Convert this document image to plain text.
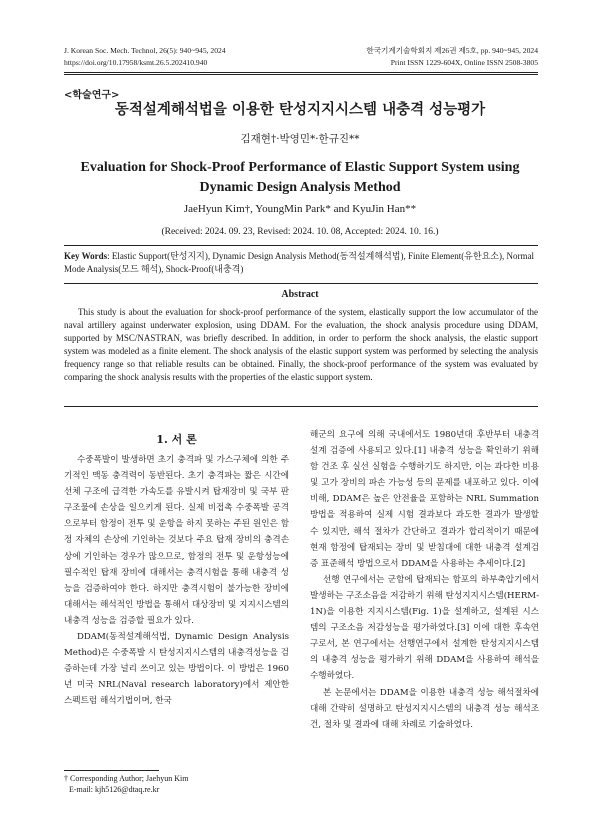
J. Korean Soc. Mech. Technol, 26(5): 940~945, 2024
https://doi.org/10.17958/ksmt.26.5.202410.940
한국기계기술학회지 제26권 제5호, pp. 940~945, 2024
Print ISSN 1229-604X, Online ISSN 2508-3805
<학술연구>
동적설계해석법을 이용한 탄성지지시스템 내충격 성능평가
김재현†·박영민*·한규진**
Evaluation for Shock-Proof Performance of Elastic Support System using
Dynamic Design Analysis Method
JaeHyun Kim†, YoungMin Park* and KyuJin Han**
(Received: 2024. 09. 23, Revised: 2024. 10. 08, Accepted: 2024. 10. 16.)
Key Words: Elastic Support(탄성지지), Dynamic Design Analysis Method(동적설계해석법), Finite Element(유한요소), Normal Mode Analysis(모드 해석), Shock-Proof(내충격)
Abstract
This study is about the evaluation for shock-proof performance of the system, elastically support the low accumulator of the naval artillery against underwater explosion, using DDAM. For the evaluation, the shock analysis procedure using DDAM, supported by MSC/NASTRAN, was briefly described. In addition, in order to perform the shock analysis, the elastic support system was modeled as a finite element. The shock analysis of the elastic support system was performed by selecting the analysis frequency range so that reliable results can be obtained. Finally, the shock-proof performance of the system was evaluated by comparing the shock analysis results with the properties of the elastic support system.
1. 서 론

수중폭발이 발생하면 초기 충격파 및 가스구체에 의한 주기적인 맥동 충격력이 동반된다. 초기 충격파는 짧은 시간에 선체 구조에 급격한 가속도를 유발시켜 탑재장비 및 국부 판 구조물에 손상을 일으키게 된다. 실제 비접촉 수중폭발 공격으로부터 함정이 전투 및 운항을 하지 못하는 주된 원인은 함정 자체의 손상에 기인하는 것보다 주요 탑재 장비의 충격손상에 기인하는 경우가 많으므로, 함정의 전투 및 운항성능에 필수적인 탑재 장비에 대해서는 충격시험을 통해 내충격 성능을 검증하여야 한다. 하지만 충격시험이 불가능한 장비에 대해서는 해석적인 방법을 통해서 대상장비 및 지지시스템의 내충격 성능을 검증할 필요가 있다.

DDAM(동적설계해석법, Dynamic Design Analysis Method)은 수중폭발 시 탄성지지시스템의 내충격성능을 검증하는데 가장 널리 쓰이고 있는 방법이다. 이 방법은 1960년 미국 NRL(Naval research laboratory)에서 제안한 스펙트럼 해석기법이며, 한국

해군의 요구에 의해 국내에서도 1980년대 후반부터 내충격 설계 검증에 사용되고 있다.[1] 내충격 성능을 확인하기 위해 함 건조 후 실선 실험을 수행하기도 하지만, 이는 과다한 비용 및 고가 장비의 파손 가능성 등의 문제를 내포하고 있다. 이에 비해, DDAM은 높은 안전율을 포함하는 NRL Summation 방법을 적용하여 실제 시험 결과보다 과도한 결과가 발생할 수 있지만, 해석 절차가 간단하고 결과가 합리적이기 때문에 현재 함정에 탑재되는 장비 및 받침대에 대한 내충격 설계검증 표준해석 방법으로서 DDAM을 사용하는 추세이다.[2]

선행 연구에서는 군함에 탑재되는 함포의 하부축압기에서 발생하는 구조소음을 저감하기 위해 탄성지지시스템(HERM-1N)을 이용한 지지시스템(Fig. 1)을 설계하고, 설계된 시스템의 구조소음 저감성능을 평가하였다.[3] 이에 대한 후속연구로서, 본 연구에서는 선행연구에서 설계한 탄성지지시스템의 내충격 성능을 평가하기 위해 DDAM을 사용하여 해석을 수행하였다.

본 논문에서는 DDAM을 이용한 내충격 성능 해석절차에 대해 간략히 설명하고 탄성지지시스템의 내충격 성능 해석조건, 절차 및 결과에 대해 차례로 기술하였다.

† Corresponding Author; Jaehyun Kim
E-mail: kjh5126@dtaq.re.kr
